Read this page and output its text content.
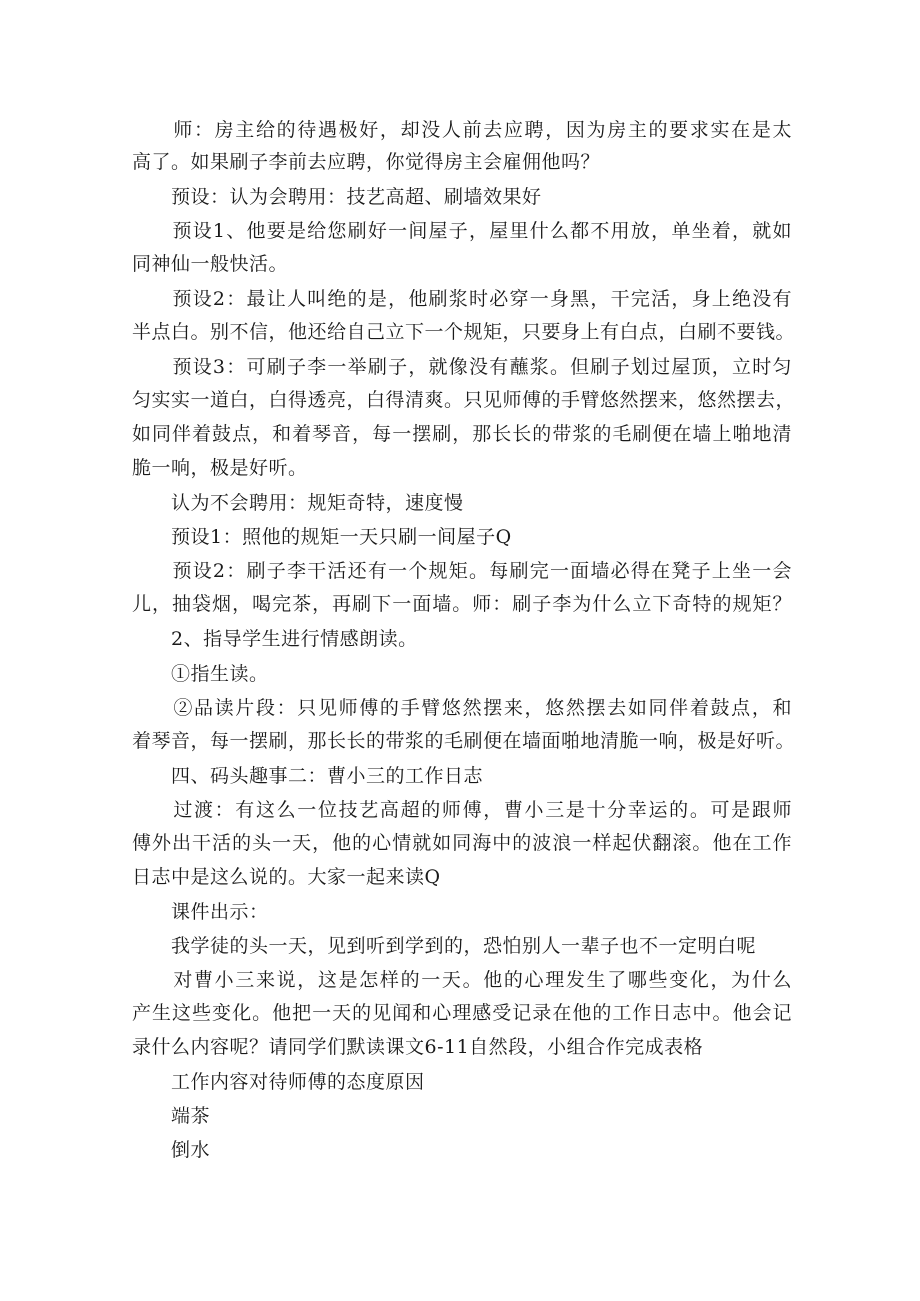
　　师：房主给的待遇极好，却没人前去应聘，因为房主的要求实在是太
高了。如果刷子李前去应聘，你觉得房主会雇佣他吗？
　　预设：认为会聘用：技艺高超、刷墙效果好
　　预设1、他要是给您刷好一间屋子，屋里什么都不用放，单坐着，就如
同神仙一般快活。
　　预设2：最让人叫绝的是，他刷浆时必穿一身黑，干完活，身上绝没有
半点白。别不信，他还给自己立下一个规矩，只要身上有白点，白刷不要钱。
　　预设3：可刷子李一举刷子，就像没有蘸浆。但刷子划过屋顶，立时匀
匀实实一道白，白得透亮，白得清爽。只见师傅的手臂悠然摆来，悠然摆去，
如同伴着鼓点，和着琴音，每一摆刷，那长长的带浆的毛刷便在墙上啪地清
脆一响，极是好听。
　　认为不会聘用：规矩奇特，速度慢
　　预设1：照他的规矩一天只刷一间屋子Q
　　预设2：刷子李干活还有一个规矩。每刷完一面墙必得在凳子上坐一会
儿，抽袋烟，喝完茶，再刷下一面墙。师：刷子李为什么立下奇特的规矩？
　　2、指导学生进行情感朗读。
　　①指生读。
　　②品读片段：只见师傅的手臂悠然摆来，悠然摆去如同伴着鼓点，和
着琴音，每一摆刷，那长长的带浆的毛刷便在墙面啪地清脆一响，极是好听。
　　四、码头趣事二：曹小三的工作日志
　　过渡：有这么一位技艺高超的师傅，曹小三是十分幸运的。可是跟师
傅外出干活的头一天，他的心情就如同海中的波浪一样起伏翻滚。他在工作
日志中是这么说的。大家一起来读Q
　　课件出示：
　　我学徒的头一天，见到听到学到的，恐怕别人一辈子也不一定明白呢
　　对曹小三来说，这是怎样的一天。他的心理发生了哪些变化，为什么
产生这些变化。他把一天的见闻和心理感受记录在他的工作日志中。他会记
录什么内容呢？请同学们默读课文6-11自然段，小组合作完成表格
　　工作内容对待师傅的态度原因
　　端茶
　　倒水
